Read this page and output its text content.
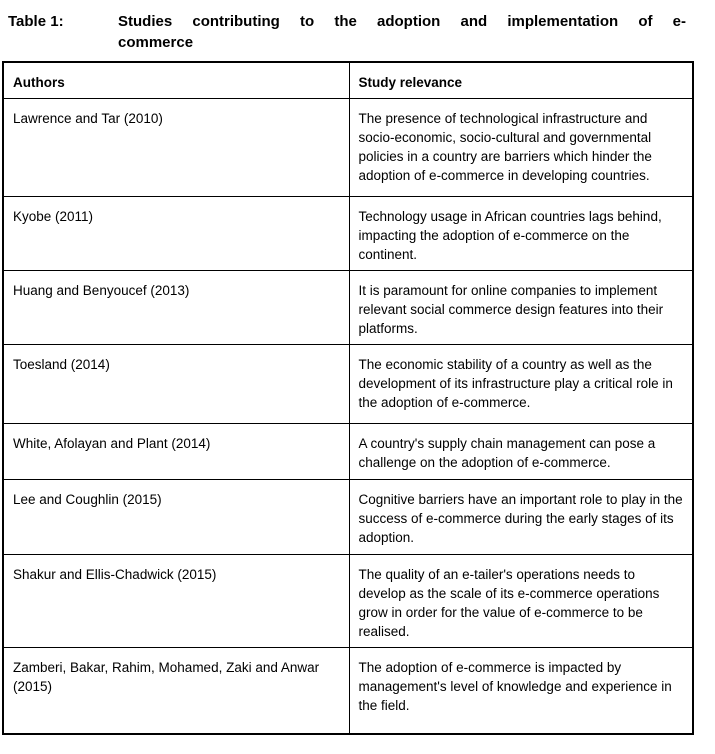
Table 1:	Studies contributing to the adoption and implementation of e-
commerce
Authors	Study relevance
Lawrence and Tar (2010)	The presence of technological infrastructure and socio-economic, socio-cultural and governmental policies in a country are barriers which hinder the adoption of e-commerce in developing countries.
Kyobe (2011)	Technology usage in African countries lags behind, impacting the adoption of e-commerce on the continent.
Huang and Benyoucef (2013)	It is paramount for online companies to implement relevant social commerce design features into their platforms.
Toesland (2014)	The economic stability of a country as well as the development of its infrastructure play a critical role in the adoption of e-commerce.
White, Afolayan and Plant (2014)	A country's supply chain management can pose a challenge on the adoption of e-commerce.
Lee and Coughlin (2015)	Cognitive barriers have an important role to play in the success of e-commerce during the early stages of its adoption.
Shakur and Ellis-Chadwick (2015)	The quality of an e-tailer's operations needs to develop as the scale of its e-commerce operations grow in order for the value of e-commerce to be realised.
Zamberi, Bakar, Rahim, Mohamed, Zaki and Anwar (2015)	The adoption of e-commerce is impacted by management's level of knowledge and experience in the field.
